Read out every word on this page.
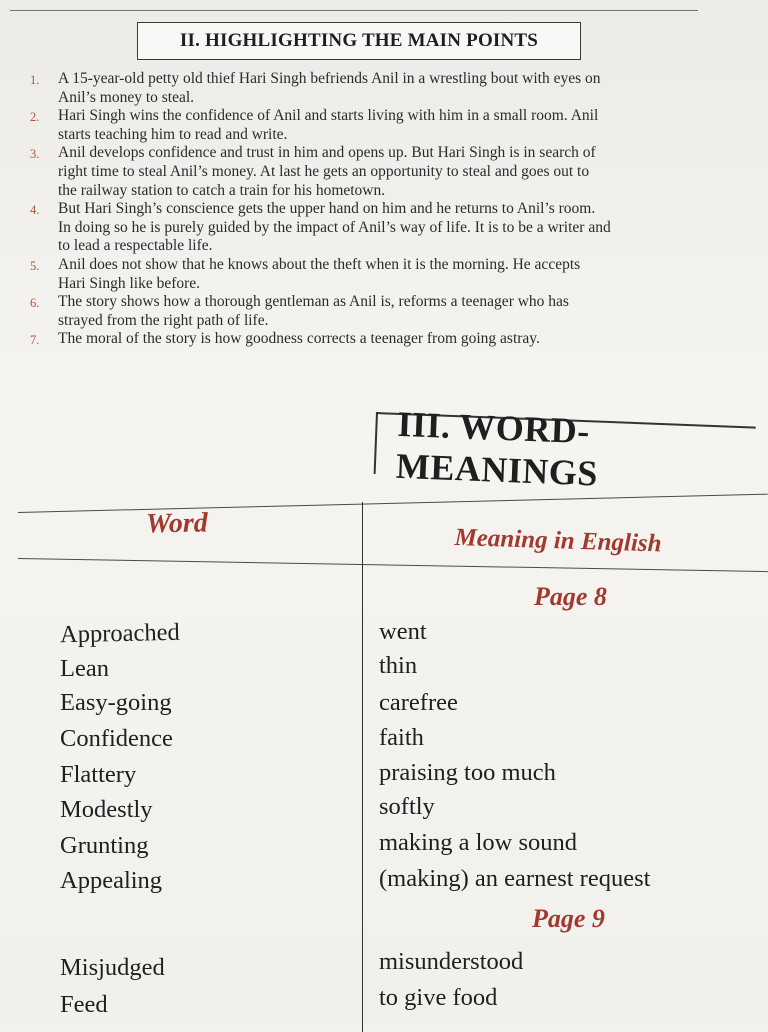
II. HIGHLIGHTING THE MAIN POINTS
1. A 15-year-old petty old thief Hari Singh befriends Anil in a wrestling bout with eyes on
Anil’s money to steal.
2. Hari Singh wins the confidence of Anil and starts living with him in a small room. Anil
starts teaching him to read and write.
3. Anil develops confidence and trust in him and opens up. But Hari Singh is in search of
right time to steal Anil’s money. At last he gets an opportunity to steal and goes out to
the railway station to catch a train for his hometown.
4. But Hari Singh’s conscience gets the upper hand on him and he returns to Anil’s room.
In doing so he is purely guided by the impact of Anil’s way of life. It is to be a writer and
to lead a respectable life.
5. Anil does not show that he knows about the theft when it is the morning. He accepts
Hari Singh like before.
6. The story shows how a thorough gentleman as Anil is, reforms a teenager who has
strayed from the right path of life.
7. The moral of the story is how goodness corrects a teenager from going astray.
III. WORD-MEANINGS
Word
Meaning in English
Page 8
Approached	went
Lean	thin
Easy-going	carefree
Confidence	faith
Flattery	praising too much
Modestly	softly
Grunting	making a low sound
Appealing	(making) an earnest request
Page 9
Misjudged	misunderstood
Feed	to give food
